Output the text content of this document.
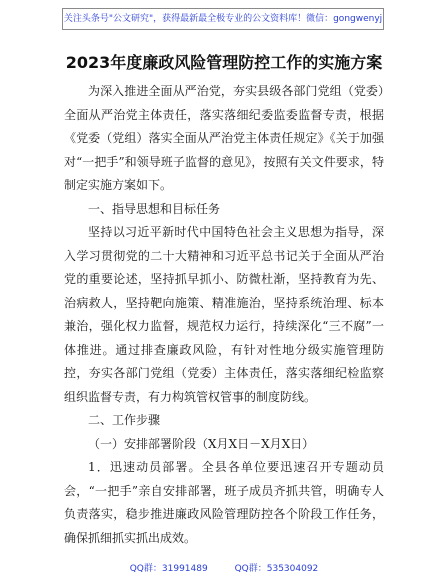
关注头条号"公文研究"，获得最新最全极专业的公文资料库！微信：gongwenyj
2023年度廉政风险管理防控工作的实施方案

为深入推进全面从严治党，夯实县级各部门党组（党委）全面从严治党主体责任，落实落细纪委监委监督专责，根据《党委（党组）落实全面从严治党主体责任规定》《关于加强对“一把手”和领导班子监督的意见》，按照有关文件要求，特制定实施方案如下。

一、指导思想和目标任务

坚持以习近平新时代中国特色社会主义思想为指导，深入学习贯彻党的二十大精神和习近平总书记关于全面从严治党的重要论述，坚持抓早抓小、防微杜渐，坚持教育为先、治病救人，坚持靶向施策、精准施治，坚持系统治理、标本兼治，强化权力监督，规范权力运行，持续深化“三不腐”一体推进。通过排查廉政风险，有针对性地分级实施管理防控，夯实各部门党组（党委）主体责任，落实落细纪检监察组织监督专责，有力构筑管权管事的制度防线。

二、工作步骤

（一）安排部署阶段（X月X日－X月X日）

1．迅速动员部署。全县各单位要迅速召开专题动员会，“一把手”亲自安排部署，班子成员齐抓共管，明确专人负责落实，稳步推进廉政风险管理防控各个阶段工作任务，确保抓细抓实抓出成效。

QQ群：31991489	QQ群：535304092
